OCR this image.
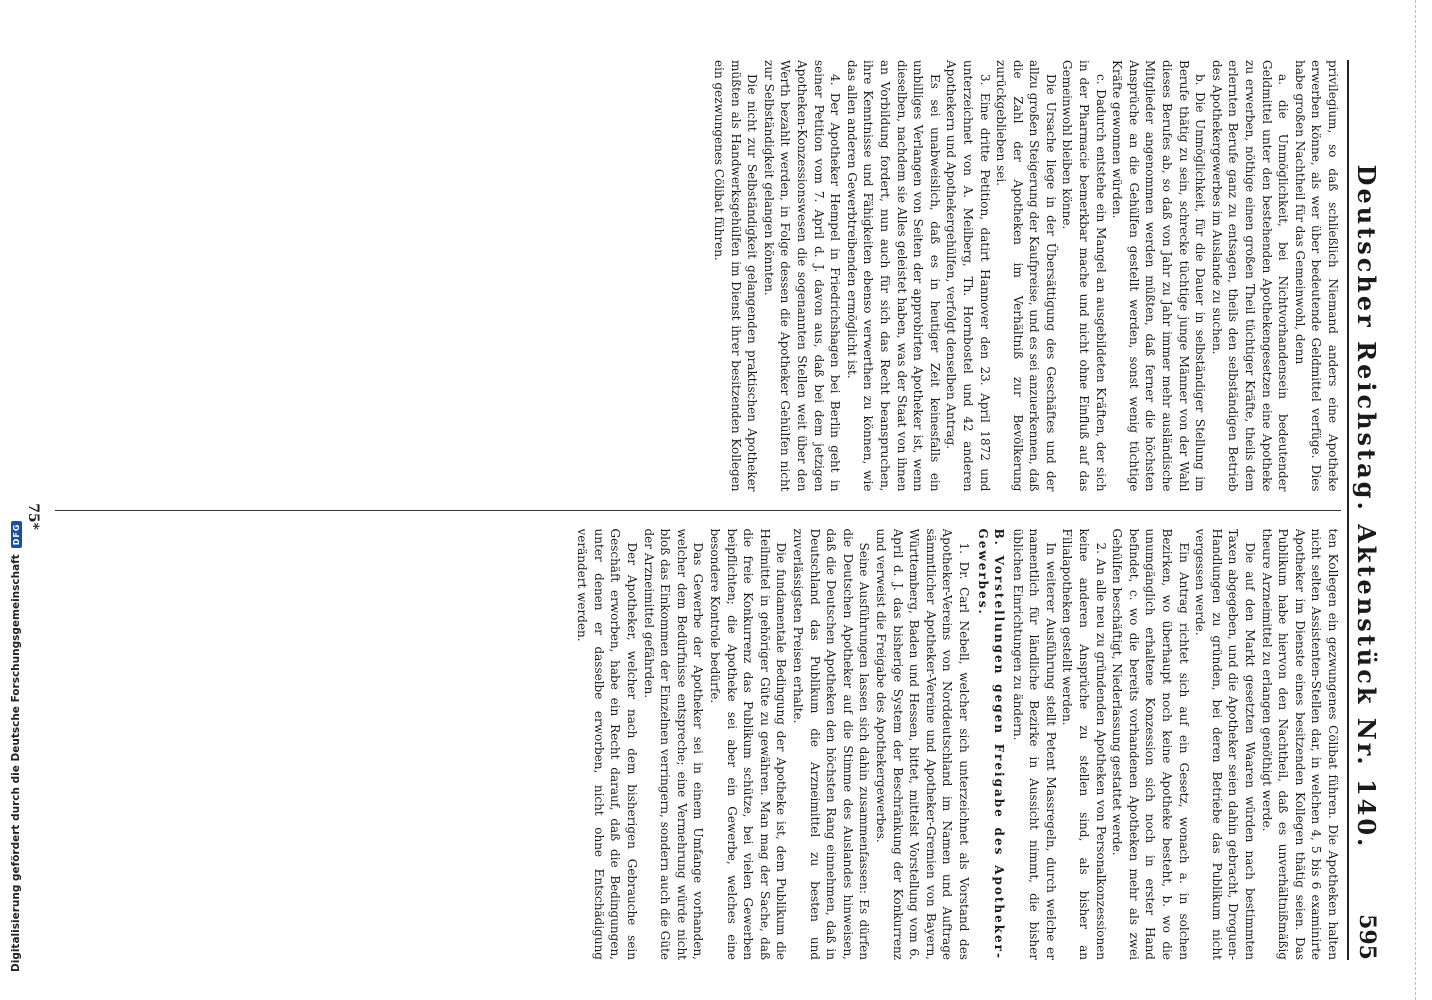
Deutscher Reichstag. Aktenstück Nr. 140.
595

privilegium, so daß schließlich Niemand anders eine Apotheke erwerben könne, als wer über bedeutende Geldmittel verfüge. Dies habe großen Nachtheil für das Gemeinwohl, denn

a. die Unmöglichkeit, bei Nichtvorhandensein bedeutender Geldmittel unter den bestehenden Apothekengesetzen eine Apotheke zu erwerben, nöthige einen großen Theil tüchtiger Kräfte, theils dem erlernten Berufe ganz zu entsagen, theils den selbständigen Betrieb des Apothekergewerbes im Auslande zu suchen.

b. Die Unmöglichkeit, für die Dauer in selbständiger Stellung im Berufe thätig zu sein, schrecke tüchtige junge Männer von der Wahl dieses Berufes ab, so daß von Jahr zu Jahr immer mehr ausländische Mitglieder angenommen werden müßten, daß ferner die höchsten Ansprüche an die Gehülfen gestellt werden, sonst wenig tüchtige Kräfte gewonnen würden.

c. Dadurch entstehe ein Mangel an ausgebildeten Kräften, der sich in der Pharmacie bemerkbar mache und nicht ohne Einfluß auf das Gemeinwohl bleiben könne.

Die Ursache liege in der Übersättigung des Geschäftes und der allzu großen Steigerung der Kaufpreise, und es sei anzuerkennen, daß die Zahl der Apotheken im Verhältniß zur Bevölkerung zurückgeblieben sei.

3. Eine dritte Petition, datirt Hannover den 23. April 1872 und unterzeichnet von A. Meilberg, Th. Hornbostel und 42 anderen Apothekern und Apothekergehülfen, verfolgt denselben Antrag.

Es sei unabweislich, daß es in heutiger Zeit keinesfalls ein unbilliges Verlangen von Seiten der approbirten Apotheker ist, wenn dieselben, nachdem sie Alles geleistet haben, was der Staat von ihnen an Vorbildung fordert, nun auch für sich das Recht beanspruchen, ihre Kenntnisse und Fähigkeiten ebenso verwerthen zu können, wie das allen anderen Gewerbtreibenden ermöglicht ist.

4. Der Apotheker Hempel in Friedrichshagen bei Berlin geht in seiner Petition vom 7. April d. J. davon aus, daß bei dem jetzigen Apotheken-Konzessionswesen die sogenannten Stellen weit über den Werth bezahlt werden, in Folge dessen die Apotheker Gehülfen nicht zur Selbständigkeit gelangen könnten.

Die nicht zur Selbständigkeit gelangenden praktischen Apotheker müßten als Handwerksgehülfen im Dienst ihrer besitzenden Kollegen ein gezwungenes Cölibat führen.

ten Kollegen ein gezwungenes Cölibat führen. Die Apotheken halten nicht selten Assistenten-Stellen dar, in welchen 4, 5 bis 6 examinirte Apotheker im Dienste eines besitzenden Kollegen thätig seien. Das Publikum habe hiervon den Nachtheil, daß es unverhältnißmäßig theure Arzneimittel zu erlangen genöthigt werde.

Die auf den Markt gesetzten Waaren würden nach bestimmten Taxen abgegeben, und die Apotheker seien dahin gebracht, Droguen-Handlungen zu gründen, bei deren Betriebe das Publikum nicht vergessen werde.

Ein Antrag richtet sich auf ein Gesetz, wonach a. in solchen Bezirken, wo überhaupt noch keine Apotheke besteht, b. wo die unumgänglich erhaltene Konzession sich noch in erster Hand befindet, c. wo die bereits vorhandenen Apotheken mehr als zwei Gehülfen beschäftigt, Niederlassung gestattet werde.

2. An alle neu zu gründenden Apotheken von Personalkonzessionen keine anderen Ansprüche zu stellen sind, als bisher an Filialapotheken gestellt werden.

In weiterer Ausführung stellt Petent Massregeln, durch welche er namentlich für ländliche Bezirke in Aussicht nimmt, die bisher üblichen Einrichtungen zu ändern.

B. Vorstellungen gegen Freigabe des Apotheker-Gewerbes.

1. Dr. Carl Nebell, welcher sich unterzeichnet als Vorstand des Apotheker-Vereins von Norddeutschland im Namen und Auftrage sämmtlicher Apotheker-Vereine und Apotheker-Gremien von Bayern, Württemberg, Baden und Hessen, bittet, mittelst Vorstellung vom 6. April d. J. das bisherige System der Beschränkung der Konkurrenz und verweist die Freigabe des Apothekergewerbes.

Seine Ausführungen lassen sich dahin zusammenfassen: Es dürfen die Deutschen Apotheker auf die Stimme des Auslandes hinweisen, daß die Deutschen Apotheken den höchsten Rang einnehmen, daß in Deutschland das Publikum die Arzneimittel zu besten und zuverlässigsten Preisen erhalte.

Die fundamentale Bedingung der Apotheke ist, dem Publikum die Heilmittel in gehöriger Güte zu gewähren. Man mag der Sache, daß die freie Konkurrenz das Publikum schütze, bei vielen Gewerben beipflichten; die Apotheke sei aber ein Gewerbe, welches eine besondere Kontrole bedürfe.

Das Gewerbe der Apotheker sei in einem Umfange vorhanden, welcher dem Bedürfnisse entspreche; eine Vermehrung würde nicht bloß das Einkommen der Einzelnen verringern, sondern auch die Güte der Arzneimittel gefährden.

Der Apotheker, welcher nach dem bisherigen Gebrauche sein Geschäft erworben, habe ein Recht darauf, daß die Bedingungen, unter denen er dasselbe erworben, nicht ohne Entschädigung verändert werden.

75*
Digitalisierung gefördert durch die Deutsche Forschungsgemeinschaft
DFG
